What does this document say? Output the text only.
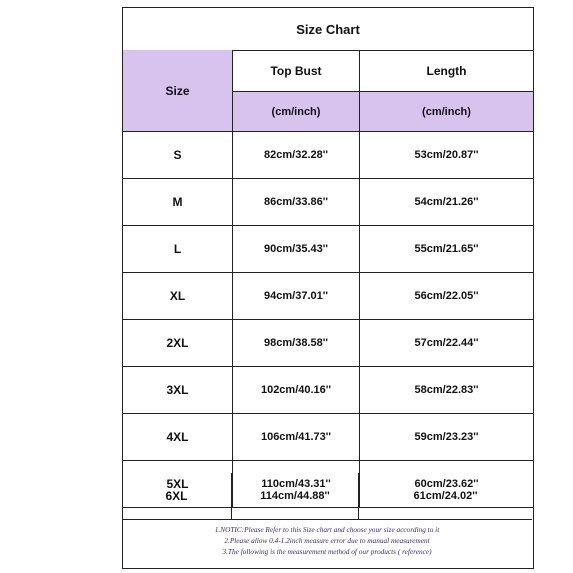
Size Chart
Size
Top Bust	Length
(cm/inch)	(cm/inch)
S	82cm/32.28''	53cm/20.87''
M	86cm/33.86''	54cm/21.26''
L	90cm/35.43''	55cm/21.65''
XL	94cm/37.01''	56cm/22.05''
2XL	98cm/38.58''	57cm/22.44''
3XL	102cm/40.16''	58cm/22.83''
4XL	106cm/41.73''	59cm/23.23''
5XL	110cm/43.31''	60cm/23.62''
6XL	114cm/44.88''	61cm/24.02''
1.NOTIC:Please Refer to this Size chart and choose your size according to it
2.Please allow 0.4-1.2inch measure error due to manual measurement
3.The following is the measurement method of our products ( reference)
